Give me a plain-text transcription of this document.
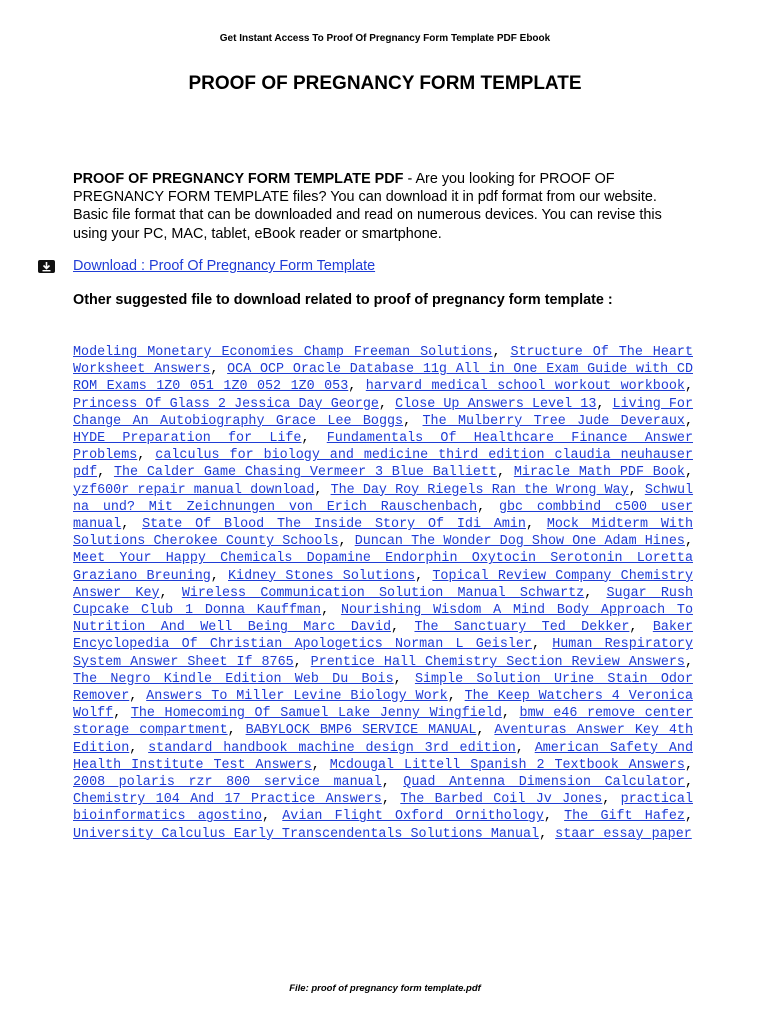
Get Instant Access To Proof Of Pregnancy Form Template PDF Ebook
PROOF OF PREGNANCY FORM TEMPLATE

PROOF OF PREGNANCY FORM TEMPLATE PDF - Are you looking for PROOF OF PREGNANCY FORM TEMPLATE files? You can download it in pdf format from our website. Basic file format that can be downloaded and read on numerous devices. You can revise this using your PC, MAC, tablet, eBook reader or smartphone.

Download : Proof Of Pregnancy Form Template

Other suggested file to download related to proof of pregnancy form template :

Modeling Monetary Economies Champ Freeman Solutions, Structure Of The Heart Worksheet Answers, OCA OCP Oracle Database 11g All in One Exam Guide with CD ROM Exams 1Z0 051 1Z0 052 1Z0 053, harvard medical school workout workbook, Princess Of Glass 2 Jessica Day George, Close Up Answers Level 13, Living For Change An Autobiography Grace Lee Boggs, The Mulberry Tree Jude Deveraux, HYDE Preparation for Life, Fundamentals Of Healthcare Finance Answer Problems, calculus for biology and medicine third edition claudia neuhauser pdf, The Calder Game Chasing Vermeer 3 Blue Balliett, Miracle Math PDF Book, yzf600r repair manual download, The Day Roy Riegels Ran the Wrong Way, Schwul na und? Mit Zeichnungen von Erich Rauschenbach, gbc combbind c500 user manual, State Of Blood The Inside Story Of Idi Amin, Mock Midterm With Solutions Cherokee County Schools, Duncan The Wonder Dog Show One Adam Hines, Meet Your Happy Chemicals Dopamine Endorphin Oxytocin Serotonin Loretta Graziano Breuning, Kidney Stones Solutions, Topical Review Company Chemistry Answer Key, Wireless Communication Solution Manual Schwartz, Sugar Rush Cupcake Club 1 Donna Kauffman, Nourishing Wisdom A Mind Body Approach To Nutrition And Well Being Marc David, The Sanctuary Ted Dekker, Baker Encyclopedia Of Christian Apologetics Norman L Geisler, Human Respiratory System Answer Sheet If 8765, Prentice Hall Chemistry Section Review Answers, The Negro Kindle Edition Web Du Bois, Simple Solution Urine Stain Odor Remover, Answers To Miller Levine Biology Work, The Keep Watchers 4 Veronica Wolff, The Homecoming Of Samuel Lake Jenny Wingfield, bmw e46 remove center storage compartment, BABYLOCK BMP6 SERVICE MANUAL, Aventuras Answer Key 4th Edition, standard handbook machine design 3rd edition, American Safety And Health Institute Test Answers, Mcdougal Littell Spanish 2 Textbook Answers, 2008 polaris rzr 800 service manual, Quad Antenna Dimension Calculator, Chemistry 104 And 17 Practice Answers, The Barbed Coil Jv Jones, practical bioinformatics agostino, Avian Flight Oxford Ornithology, The Gift Hafez, University Calculus Early Transcendentals Solutions Manual, staar essay paper

File: proof of pregnancy form template.pdf
